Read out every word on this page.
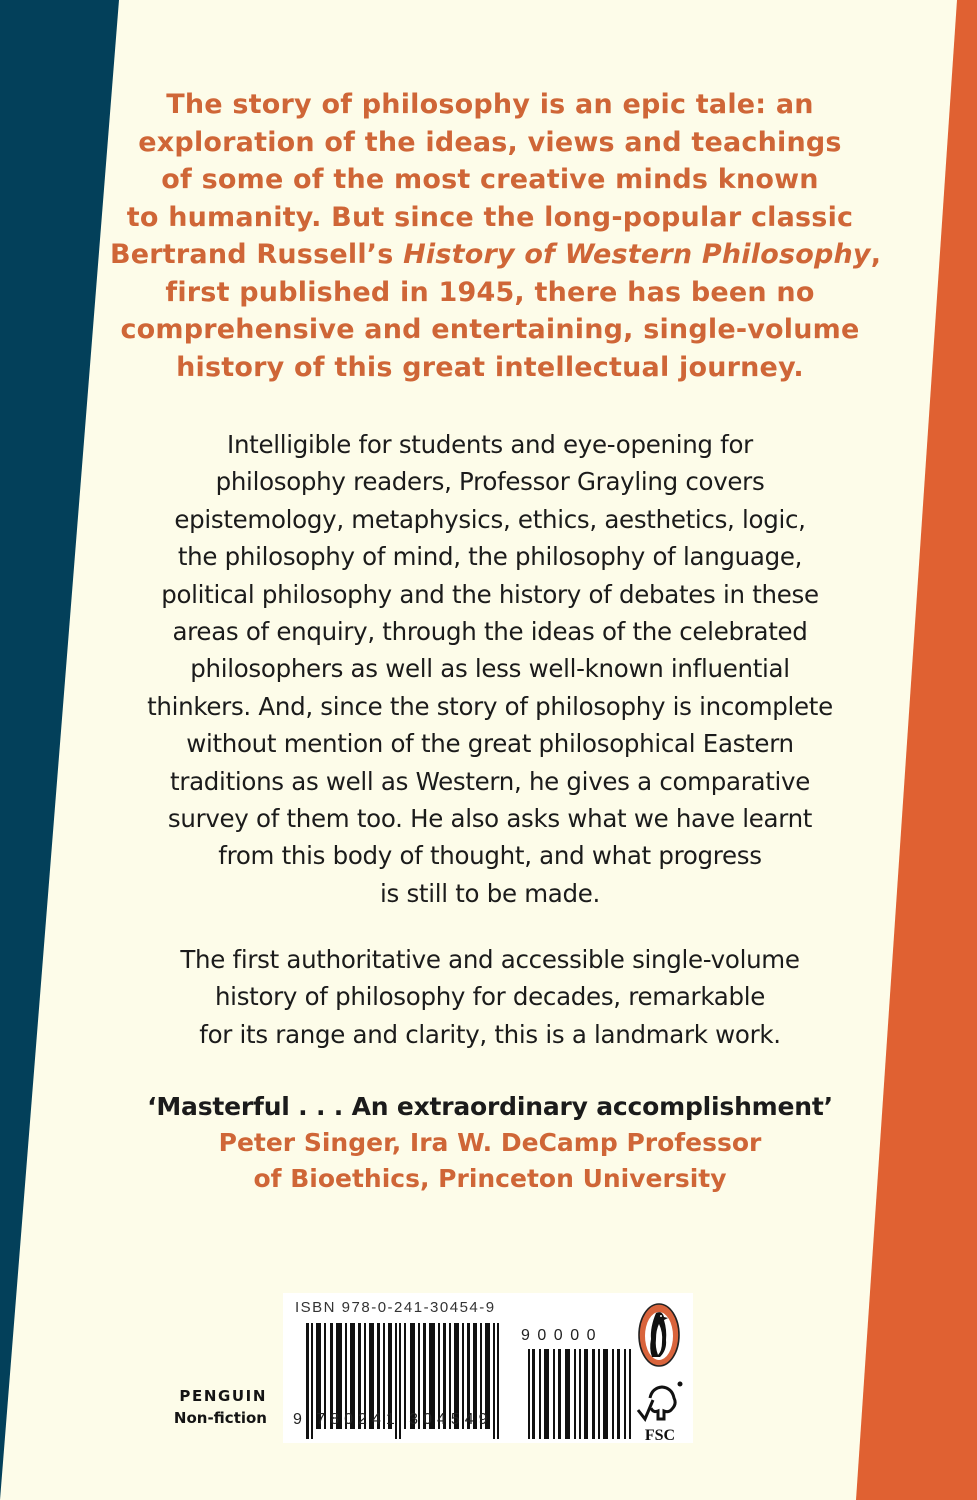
The story of philosophy is an epic tale: an
exploration of the ideas, views and teachings
of some of the most creative minds known
to humanity. But since the long-popular classic
Bertrand Russell’s History of Western Philosophy,
first published in 1945, there has been no
comprehensive and entertaining, single-volume
history of this great intellectual journey.
Intelligible for students and eye-opening for
philosophy readers, Professor Grayling covers
epistemology, metaphysics, ethics, aesthetics, logic,
the philosophy of mind, the philosophy of language,
political philosophy and the history of debates in these
areas of enquiry, through the ideas of the celebrated
philosophers as well as less well-known influential
thinkers. And, since the story of philosophy is incomplete
without mention of the great philosophical Eastern
traditions as well as Western, he gives a comparative
survey of them too. He also asks what we have learnt
from this body of thought, and what progress
is still to be made.
The first authoritative and accessible single-volume
history of philosophy for decades, remarkable
for its range and clarity, this is a landmark work.
‘Masterful . . . An extraordinary accomplishment’
Peter Singer, Ira W. DeCamp Professor
of Bioethics, Princeton University
PENGUIN
Non-fiction
ISBN 978-0-241-30454-9
9 780241 304549
90000
FSC
